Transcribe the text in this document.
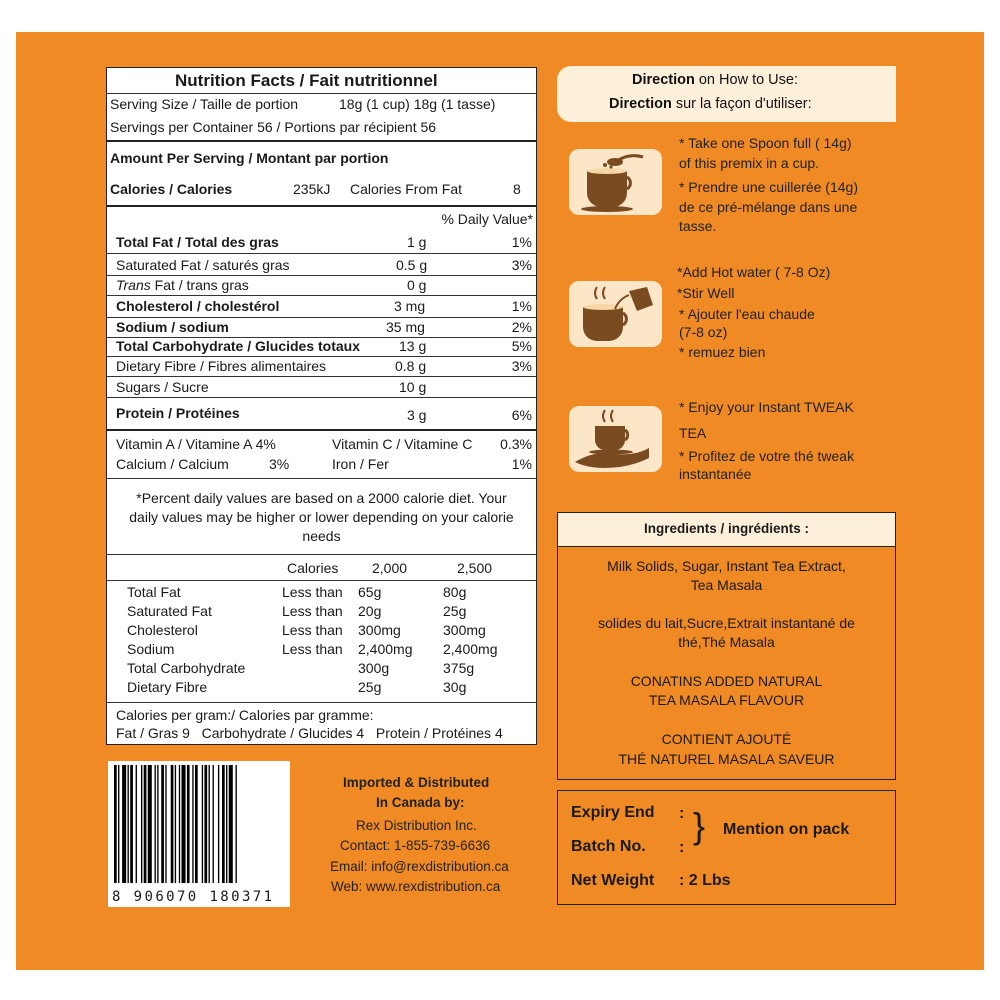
Nutrition Facts / Fait nutritionnel
Serving Size / Taille de portion	18g (1 cup) 18g (1 tasse)
Servings per Container 56 / Portions par récipient 56
Amount Per Serving / Montant par portion
Calories / Calories	235kJ Calories From Fat	8
% Daily Value*
Total Fat / Total des gras	1 g	1%
Saturated Fat / saturés gras	0.5 g	3%
Trans Fat / trans gras	0 g
Cholesterol / cholestérol	3 mg	1%
Sodium / sodium	35 mg	2%
Total Carbohydrate / Glucides totaux	13 g	5%
Dietary Fibre / Fibres alimentaires	0.8 g	3%
Sugars / Sucre	10 g
Protein / Protéines	3 g	6%
Vitamin A / Vitamine A 4%	Vitamin C / Vitamine C 0.3%
Calcium / Calcium	3%	Iron / Fer	1%
*Percent daily values are based on a 2000 calorie diet. Your
daily values may be higher or lower depending on your calorie
needs
Calories 2,000	2,500
Total Fat	Less than 65g	80g
Saturated Fat	Less than 20g	25g
Cholesterol	Less than 300mg	300mg
Sodium	Less than 2,400mg 2,400mg
Total Carbohydrate	300g	375g
Dietary Fibre	25g	30g
Calories per gram:/ Calories par gramme:
Fat / Gras 9   Carbohydrate / Glucides 4   Protein / Protéines 4
Direction on How to Use:
Direction sur la façon d'utiliser:
* Take one Spoon full ( 14g)
of this premix in a cup.
* Prendre une cuillerée (14g)
de ce pré-mélange dans une
tasse.
*Add Hot water ( 7-8 Oz)
*Stir Well
* Ajouter l'eau chaude
(7-8 oz)
* remuez bien
* Enjoy your Instant TWEAK
TEA
* Profitez de votre thé tweak
instantanée
Ingredients / ingrédients :
Milk Solids, Sugar, Instant Tea Extract,
Tea Masala
solides du lait,Sucre,Extrait instantané de
thé,Thé Masala
CONATINS ADDED NATURAL
TEA MASALA FLAVOUR
CONTIENT AJOUTÉ
THÉ NATUREL MASALA SAVEUR
Expiry End :
Batch No. :
} Mention on pack
Net Weight : 2 Lbs
8 906070 180371
Imported & Distributed
In Canada by:
Rex Distribution Inc.
Contact: 1-855-739-6636
Email: info@rexdistribution.ca
Web: www.rexdistribution.ca
